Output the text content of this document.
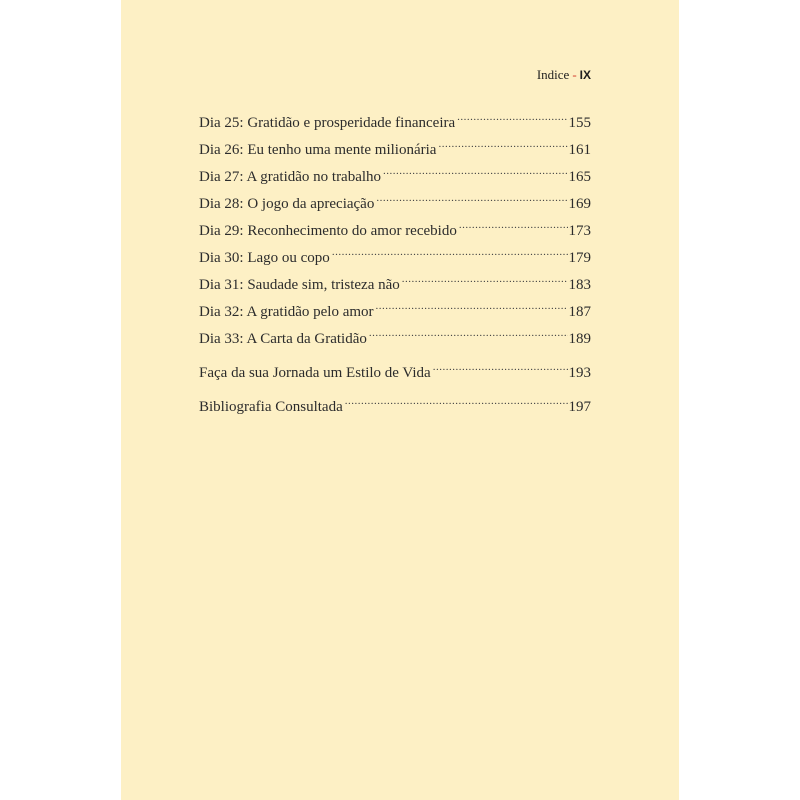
Indice - IX
Dia 25: Gratidão e prosperidade financeira .....	155
Dia 26: Eu tenho uma mente milionária .....	161
Dia 27: A gratidão no trabalho .....	165
Dia 28: O jogo da apreciação .....	169
Dia 29: Reconhecimento do amor recebido .....	173
Dia 30: Lago ou copo .....	179
Dia 31: Saudade sim, tristeza não .....	183
Dia 32: A gratidão pelo amor .....	187
Dia 33: A Carta da Gratidão .....	189
Faça da sua Jornada um Estilo de Vida .....	193
Bibliografia Consultada .....	197
